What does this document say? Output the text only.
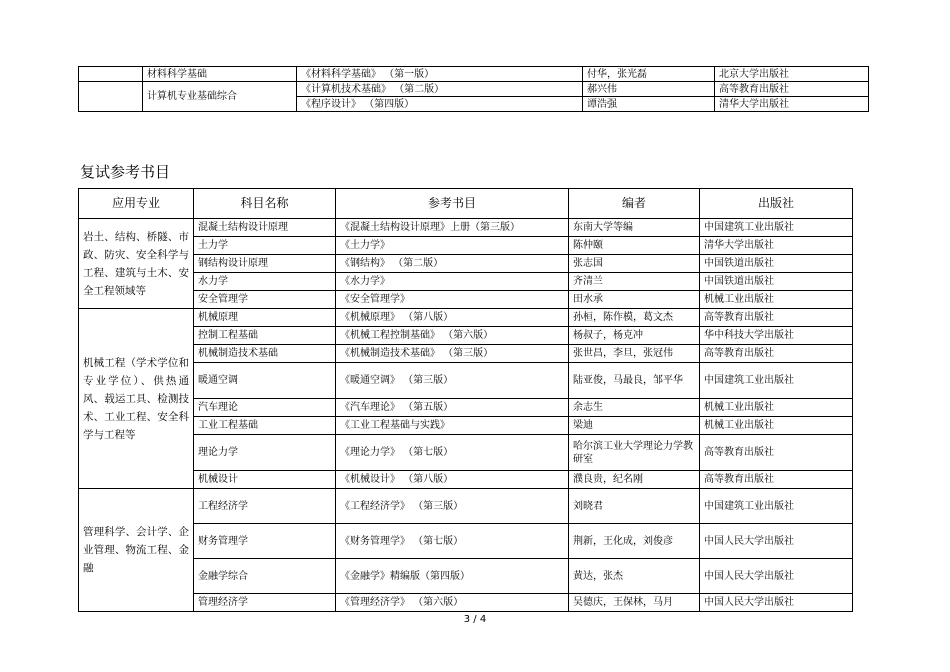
	材料科学基础	《材料科学基础》 （第一版）	付华，张光磊	北京大学出版社
	计算机专业基础综合	《计算机技术基础》 （第二版）	郝兴伟	高等教育出版社
		《程序设计》 （第四版）	谭浩强	清华大学出版社
复试参考书目
应用专业	科目名称	参考书目	编者	出版社
岩土、结构、桥隧、市政、防灾、安全科学与工程、建筑与土木、安全工程领域等	混凝土结构设计原理	《混凝土结构设计原理》上册（第三版）	东南大学等编	中国建筑工业出版社
	土力学	《土力学》	陈仲颐	清华大学出版社
	钢结构设计原理	《钢结构》 （第二版）	张志国	中国铁道出版社
	水力学	《水力学》	齐清兰	中国铁道出版社
	安全管理学	《安全管理学》	田水承	机械工业出版社
机械工程（学术学位和专业学位）、供热通风、载运工具、检测技术、工业工程、安全科学与工程等	机械原理	《机械原理》 （第八版）	孙桓，陈作模，葛文杰	高等教育出版社
	控制工程基础	《机械工程控制基础》 （第六版）	杨叔子，杨克冲	华中科技大学出版社
	机械制造技术基础	《机械制造技术基础》 （第三版）	张世昌，李旦，张冠伟	高等教育出版社
	暖通空调	《暖通空调》 （第三版）	陆亚俊，马最良，邹平华	中国建筑工业出版社
	汽车理论	《汽车理论》 （第五版）	余志生	机械工业出版社
	工业工程基础	《工业工程基础与实践》	梁迪	机械工业出版社
	理论力学	《理论力学》 （第七版）	哈尔滨工业大学理论力学教研室	高等教育出版社
	机械设计	《机械设计》 （第八版）	濮良贵，纪名刚	高等教育出版社
管理科学、会计学、企业管理、物流工程、金融	工程经济学	《工程经济学》 （第三版）	刘晓君	中国建筑工业出版社
	财务管理学	《财务管理学》 （第七版）	荆新，王化成，刘俊彦	中国人民大学出版社
	金融学综合	《金融学》精编版（第四版）	黄达，张杰	中国人民大学出版社
	管理经济学	《管理经济学》 （第六版）	吴德庆，王保林，马月	中国人民大学出版社
3 / 4
